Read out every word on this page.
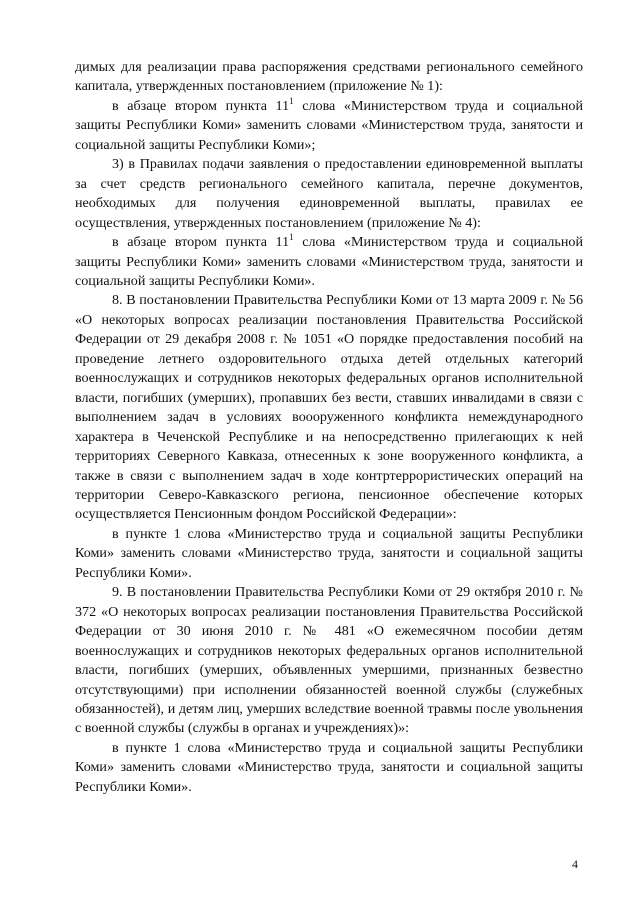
димых для реализации права распоряжения средствами регионального семейного капитала, утвержденных постановлением (приложение № 1):

в абзаце втором пункта $11^1$ слова «Министерством труда и социальной защиты Республики Коми» заменить словами «Министерством труда, занятости и социальной защиты Республики Коми»;

3) в Правилах подачи заявления о предоставлении единовременной выплаты за счет средств регионального семейного капитала, перечне документов, необходимых для получения единовременной выплаты, правилах ее осуществления, утвержденных постановлением (приложение № 4):

в абзаце втором пункта $11^1$ слова «Министерством труда и социальной защиты Республики Коми» заменить словами «Министерством труда, занятости и социальной защиты Республики Коми».

8. В постановлении Правительства Республики Коми от 13 марта 2009 г. № 56 «О некоторых вопросах реализации постановления Правительства Российской Федерации от 29 декабря 2008 г. № 1051 «О порядке предоставления пособий на проведение летнего оздоровительного отдыха детей отдельных категорий военнослужащих и сотрудников некоторых федеральных органов исполнительной власти, погибших (умерших), пропавших без вести, ставших инвалидами в связи с выполнением задач в условиях воооруженного конфликта немеждународного характера в Чеченской Республике и на непосредственно прилегающих к ней территориях Северного Кавказа, отнесенных к зоне вооруженного конфликта, а также в связи с выполнением задач в ходе контртеррористических операций на территории Северо-Кавказского региона, пенсионное обеспечение которых осуществляется Пенсионным фондом Российской Федерации»:

в пункте 1 слова «Министерство труда и социальной защиты Республики Коми» заменить словами «Министерство труда, занятости и социальной защиты Республики Коми».

9. В постановлении Правительства Республики Коми от 29 октября 2010 г. № 372 «О некоторых вопросах реализации постановления Правительства Российской Федерации от 30 июня 2010 г. № 481 «О ежемесячном пособии детям военнослужащих и сотрудников некоторых федеральных органов исполнительной власти, погибших (умерших, объявленных умершими, признанных безвестно отсутствующими) при исполнении обязанностей военной службы (служебных обязанностей), и детям лиц, умерших вследствие военной травмы после увольнения с военной службы (службы в органах и учреждениях)»:

в пункте 1 слова «Министерство труда и социальной защиты Республики Коми» заменить словами «Министерство труда, занятости и социальной защиты Республики Коми».

4
